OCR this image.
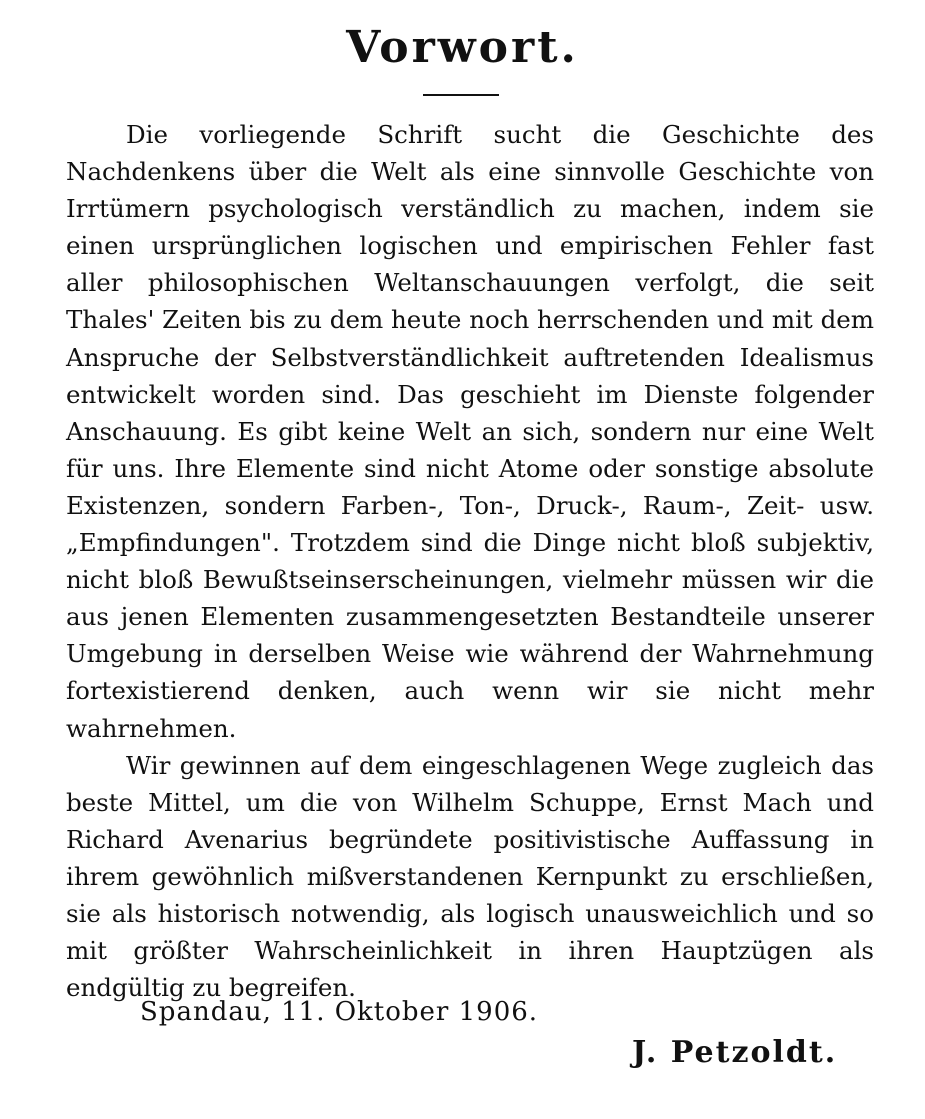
Vorwort.

Die vorliegende Schrift sucht die Geschichte des Nachdenkens über die Welt als eine sinnvolle Geschichte von Irrtümern psychologisch verständlich zu machen, indem sie einen ursprünglichen logischen und empirischen Fehler fast aller philosophischen Weltanschauungen verfolgt, die seit Thales' Zeiten bis zu dem heute noch herrschenden und mit dem Anspruche der Selbstverständlichkeit auftretenden Idealismus entwickelt worden sind. Das geschieht im Dienste folgender Anschauung. Es gibt keine Welt an sich, sondern nur eine Welt für uns. Ihre Elemente sind nicht Atome oder sonstige absolute Existenzen, sondern Farben-, Ton-, Druck-, Raum-, Zeit- usw. „Empfindungen". Trotzdem sind die Dinge nicht bloß subjektiv, nicht bloß Bewußtseinserscheinungen, vielmehr müssen wir die aus jenen Elementen zusammengesetzten Bestandteile unserer Umgebung in derselben Weise wie während der Wahrnehmung fortexistierend denken, auch wenn wir sie nicht mehr wahrnehmen.

Wir gewinnen auf dem eingeschlagenen Wege zugleich das beste Mittel, um die von Wilhelm Schuppe, Ernst Mach und Richard Avenarius begründete positivistische Auffassung in ihrem gewöhnlich mißverstandenen Kernpunkt zu erschließen, sie als historisch notwendig, als logisch unausweichlich und so mit größter Wahrscheinlichkeit in ihren Hauptzügen als endgültig zu begreifen.

Spandau, 11. Oktober 1906.
J. Petzoldt.
